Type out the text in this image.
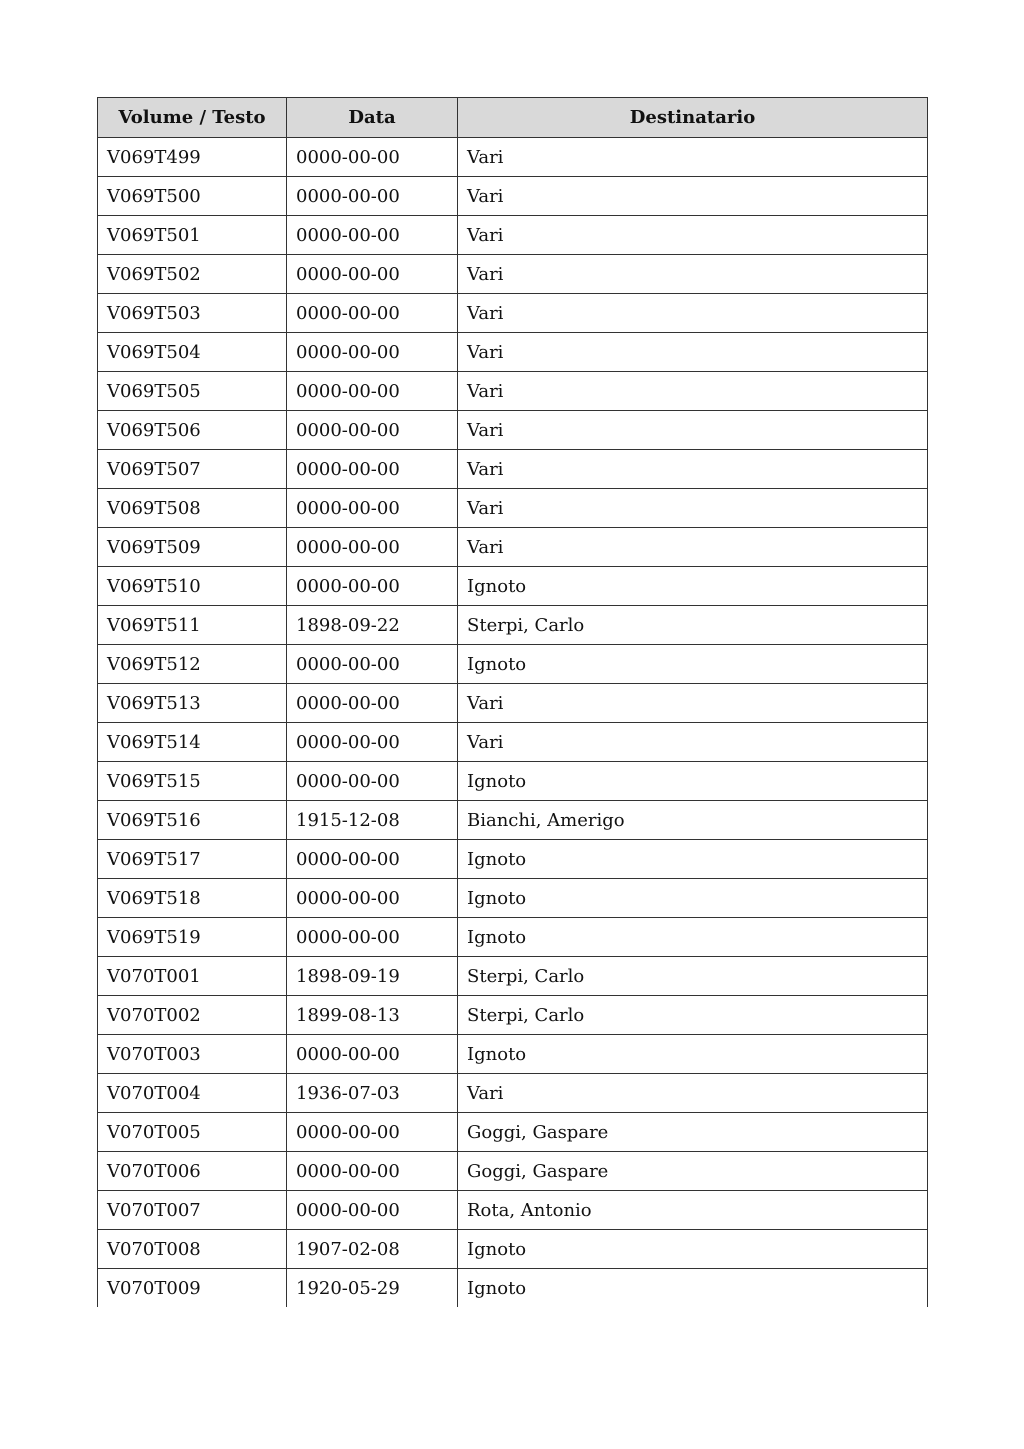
Volume / Testo	Data	Destinatario
V069T499	0000-00-00	Vari
V069T500	0000-00-00	Vari
V069T501	0000-00-00	Vari
V069T502	0000-00-00	Vari
V069T503	0000-00-00	Vari
V069T504	0000-00-00	Vari
V069T505	0000-00-00	Vari
V069T506	0000-00-00	Vari
V069T507	0000-00-00	Vari
V069T508	0000-00-00	Vari
V069T509	0000-00-00	Vari
V069T510	0000-00-00	Ignoto
V069T511	1898-09-22	Sterpi, Carlo
V069T512	0000-00-00	Ignoto
V069T513	0000-00-00	Vari
V069T514	0000-00-00	Vari
V069T515	0000-00-00	Ignoto
V069T516	1915-12-08	Bianchi, Amerigo
V069T517	0000-00-00	Ignoto
V069T518	0000-00-00	Ignoto
V069T519	0000-00-00	Ignoto
V070T001	1898-09-19	Sterpi, Carlo
V070T002	1899-08-13	Sterpi, Carlo
V070T003	0000-00-00	Ignoto
V070T004	1936-07-03	Vari
V070T005	0000-00-00	Goggi, Gaspare
V070T006	0000-00-00	Goggi, Gaspare
V070T007	0000-00-00	Rota, Antonio
V070T008	1907-02-08	Ignoto
V070T009	1920-05-29	Ignoto
